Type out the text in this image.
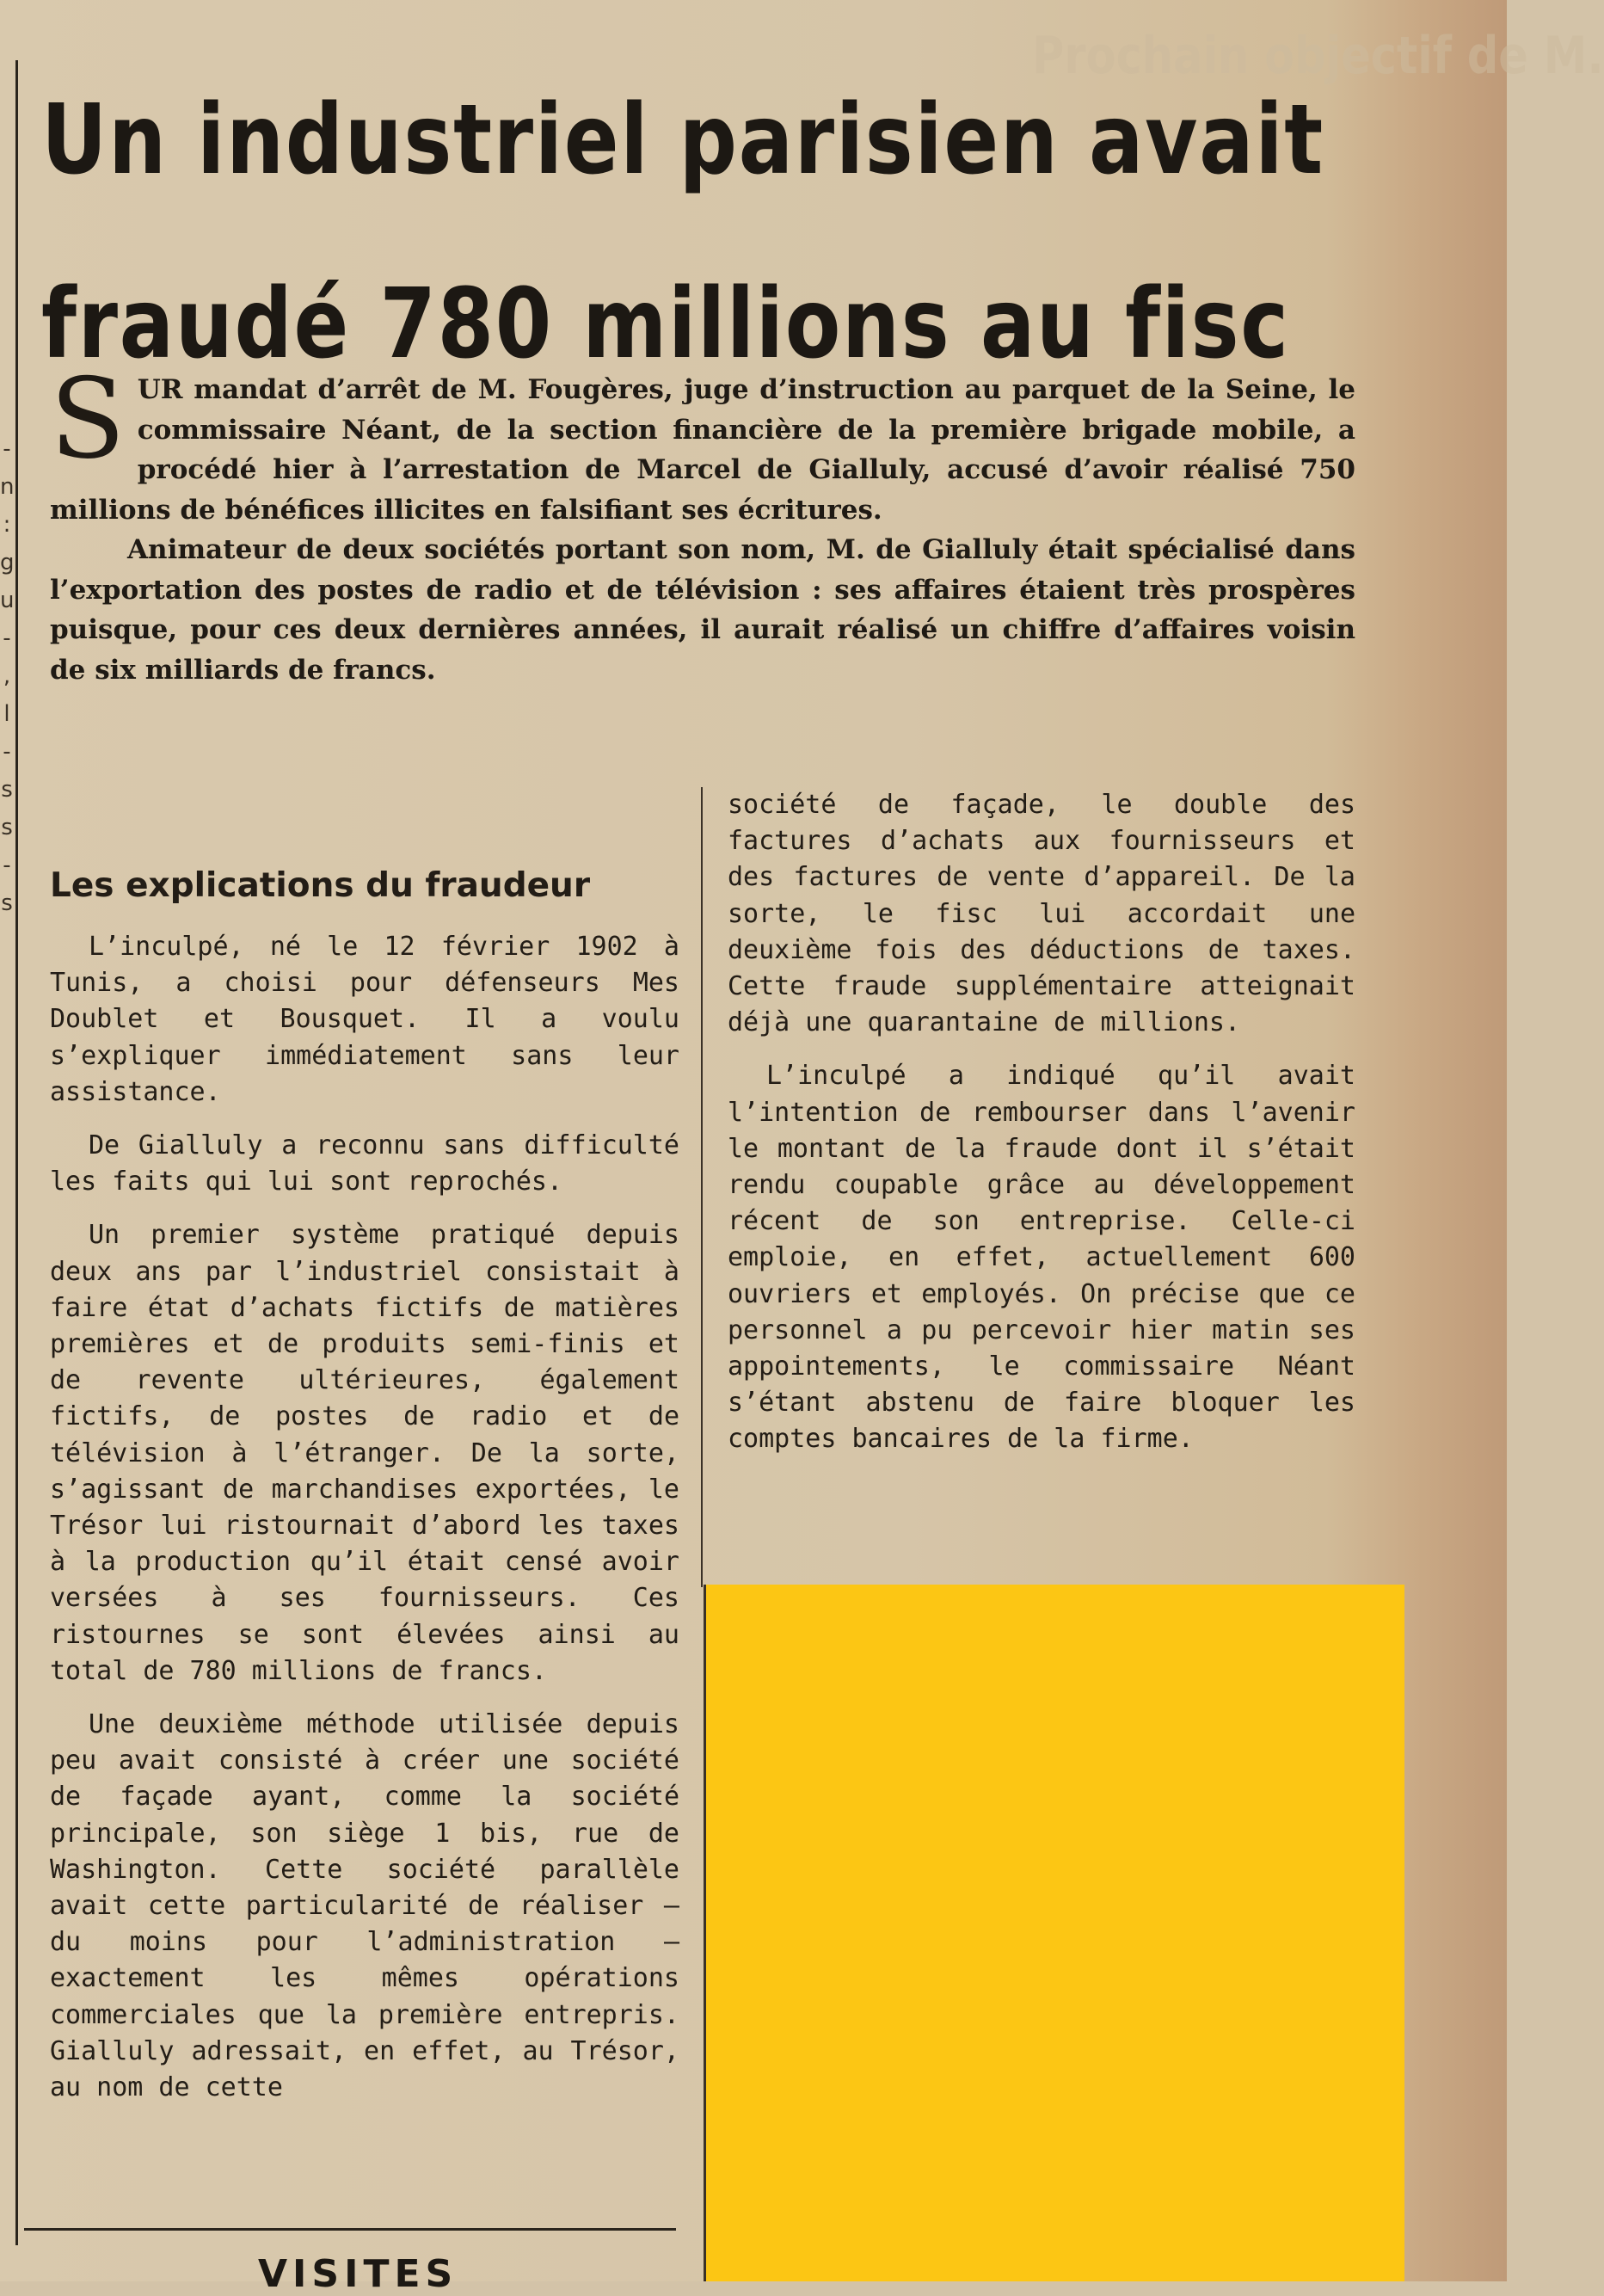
Prochain objectif de M.
-
n
:
g
u
-
,
l
-
s
s
-
s
Un industriel parisien avait
fraudé 780 millions au fisc

SUR mandat d’arrêt de M. Fougères, juge d’instruction au parquet de la Seine, le commissaire Néant, de la section financière de la première brigade mobile, a procédé hier à l’arrestation de Marcel de Gialluly, accusé d’avoir réalisé 750 millions de bénéfices illicites en falsifiant ses écritures.

Animateur de deux sociétés portant son nom, M. de Gialluly était spécialisé dans l’exportation des postes de radio et de télévision : ses affaires étaient très prospères puisque, pour ces deux dernières années, il aurait réalisé un chiffre d’affaires voisin de six milliards de francs.

Les explications du fraudeur

L’inculpé, né le 12 février 1902 à Tunis, a choisi pour défenseurs Mes Doublet et Bousquet. Il a voulu s’expliquer immédiatement sans leur assistance.

De Gialluly a reconnu sans difficulté les faits qui lui sont reprochés.

Un premier système pratiqué depuis deux ans par l’industriel consistait à faire état d’achats fictifs de matières premières et de produits semi-finis et de revente ultérieures, également fictifs, de postes de radio et de télévision à l’étranger. De la sorte, s’agissant de marchandises exportées, le Trésor lui ristournait d’abord les taxes à la production qu’il était censé avoir versées à ses fournisseurs. Ces ristournes se sont élevées ainsi au total de 780 millions de francs.

Une deuxième méthode utilisée depuis peu avait consisté à créer une société de façade ayant, comme la société principale, son siège 1 bis, rue de Washington. Cette société parallèle avait cette particularité de réaliser — du moins pour l’administration — exactement les mêmes opérations commerciales que la première entrepris. Gialluly adressait, en effet, au Trésor, au nom de cette

société de façade, le double des factures d’achats aux fournisseurs et des factures de vente d’appareil. De la sorte, le fisc lui accordait une deuxième fois des déductions de taxes. Cette fraude supplémentaire atteignait déjà une quarantaine de millions.

L’inculpé a indiqué qu’il avait l’intention de rembourser dans l’avenir le montant de la fraude dont il s’était rendu coupable grâce au développement récent de son entreprise. Celle-ci emploie, en effet, actuellement 600 ouvriers et employés. On précise que ce personnel a pu percevoir hier matin ses appointements, le commissaire Néant s’étant abstenu de faire bloquer les comptes bancaires de la firme.

VISITES
